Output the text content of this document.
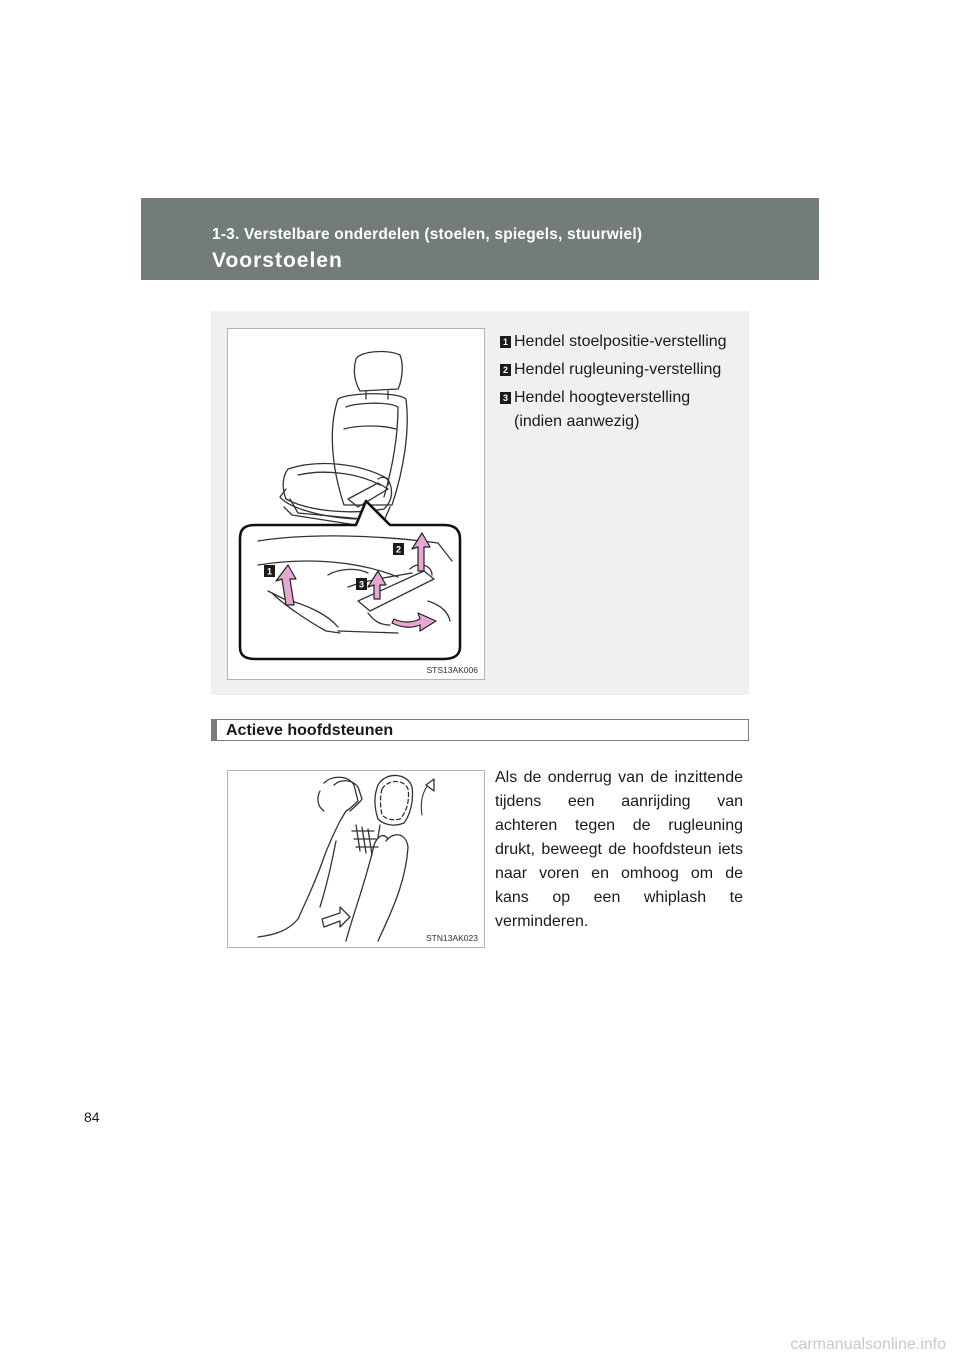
1-3. Verstelbare onderdelen (stoelen, spiegels, stuurwiel)
Voorstoelen
1
2
3
STS13AK006
1 Hendel stoelpositie-verstelling
2 Hendel rugleuning-verstelling
3 Hendel hoogteverstelling (indien aanwezig)
Actieve hoofdsteunen
STN13AK023
Als de onderrug van de inzittende tijdens een aanrijding van achteren tegen de rugleuning drukt, beweegt de hoofdsteun iets naar voren en omhoog om de kans op een whiplash te verminderen.
84
carmanualsonline.info
